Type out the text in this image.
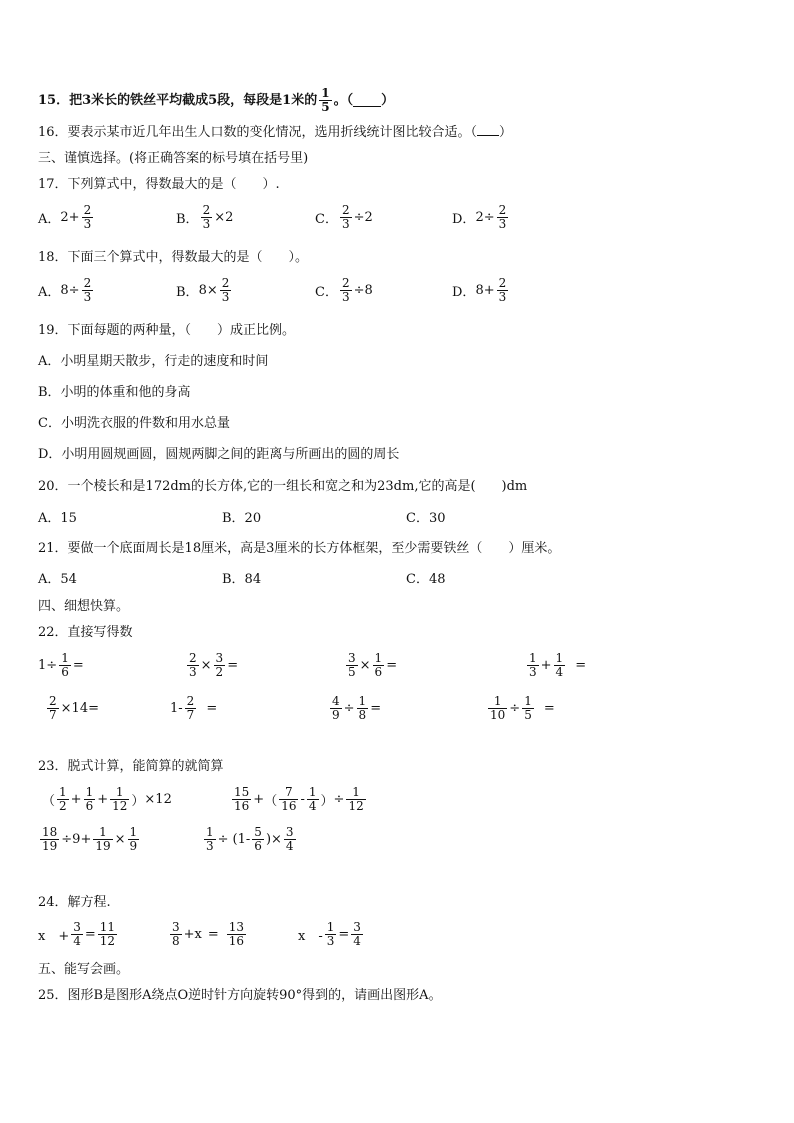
15．把3米长的铁丝平均截成5段，每段是1米的 $\frac{1}{5}$ 。（ ）
16．要表示某市近几年出生人口数的变化情况，选用折线统计图比较合适。（ ）
三、谨慎选择。(将正确答案的标号填在括号里)
17．下列算式中，得数最大的是（　　）.
A． $2+ \frac{2}{3}$	B． $\frac{2}{3} \times 2$	C． $\frac{2}{3} \div 2$	D． $2\div \frac{2}{3}$
18．下面三个算式中，得数最大的是（　　）。
A． $8\div \frac{2}{3}$	B． $8\times \frac{2}{3}$	C． $\frac{2}{3} \div 8$	D． $8+ \frac{2}{3}$
19．下面每题的两种量，（　　）成正比例。
A．小明星期天散步，行走的速度和时间
B．小明的体重和他的身高
C．小明洗衣服的件数和用水总量
D．小明用圆规画圆，圆规两脚之间的距离与所画出的圆的周长
20．一个棱长和是172dm的长方体,它的一组长和宽之和为23dm,它的高是(　　)dm
A．15	B．20	C．30
21．要做一个底面周长是18厘米，高是3厘米的长方体框架，至少需要铁丝（　　）厘米。
A．54	B．84	C．48
四、细想快算。
22．直接写得数
$1 \div \frac{1}{6}$ =	$\frac{2}{3} \times \frac{3}{2}$ =	$\frac{3}{5} \times \frac{1}{6}$ =	$\frac{1}{3} + \frac{1}{4}$ =
$\frac{2}{7} \times 14$ =	$1- \frac{2}{7}$ =	$\frac{4}{9} \div \frac{1}{8}$ =	$\frac{1}{10} \div \frac{1}{5}$ =
23．脱式计算，能简算的就简算
（ $\frac{1}{2} + \frac{1}{6} + \frac{1}{12}$ ） ×12	$\frac{15}{16}$ + （ $\frac{7}{16} - \frac{1}{4}$ ） ÷ $\frac{1}{12}$
$\frac{18}{19} \div 9+ \frac{1}{19} \times \frac{1}{9}$	$\frac{1}{3}$ ÷ ( $1- \frac{5}{6}$ ) × $\frac{3}{4}$
24．解方程.
x　+ $\frac{3}{4} = \frac{11}{12}$	$\frac{3}{8} +x = \frac{13}{16}$	x　- $\frac{1}{3} = \frac{3}{4}$
五、能写会画。
25．图形B是图形A绕点O逆时针方向旋转90°得到的，请画出图形A。
